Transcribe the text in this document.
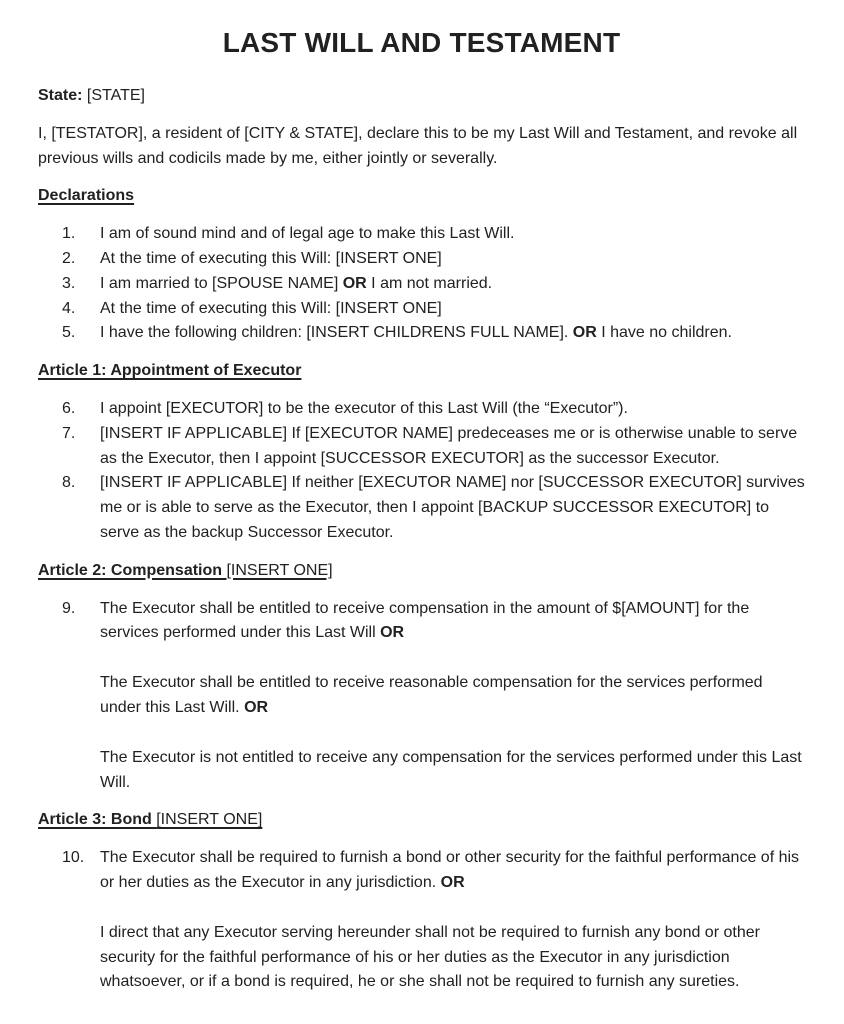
LAST WILL AND TESTAMENT

State: [STATE]

I, [TESTATOR], a resident of [CITY & STATE], declare this to be my Last Will and Testament, and revoke all previous wills and codicils made by me, either jointly or severally.

Declarations

1.	I am of sound mind and of legal age to make this Last Will.

2.	At the time of executing this Will: [INSERT ONE]

3.	I am married to [SPOUSE NAME] OR I am not married.

4.	At the time of executing this Will: [INSERT ONE]

5.	I have the following children: [INSERT CHILDRENS FULL NAME]. OR I have no children.

Article 1: Appointment of Executor

6.	I appoint [EXECUTOR] to be the executor of this Last Will (the “Executor”).

7.	[INSERT IF APPLICABLE] If [EXECUTOR NAME] predeceases me or is otherwise unable to serve as the Executor, then I appoint [SUCCESSOR EXECUTOR] as the successor Executor.

8.	[INSERT IF APPLICABLE] If neither [EXECUTOR NAME] nor [SUCCESSOR EXECUTOR] survives me or is able to serve as the Executor, then I appoint [BACKUP SUCCESSOR EXECUTOR] to serve as the backup Successor Executor.

Article 2: Compensation [INSERT ONE]

9.	The Executor shall be entitled to receive compensation in the amount of $[AMOUNT] for the services performed under this Last Will OR

The Executor shall be entitled to receive reasonable compensation for the services performed under this Last Will. OR

The Executor is not entitled to receive any compensation for the services performed under this Last Will.

Article 3: Bond [INSERT ONE]

10. The Executor shall be required to furnish a bond or other security for the faithful performance of his or her duties as the Executor in any jurisdiction. OR

I direct that any Executor serving hereunder shall not be required to furnish any bond or other security for the faithful performance of his or her duties as the Executor in any jurisdiction whatsoever, or if a bond is required, he or she shall not be required to furnish any sureties.
